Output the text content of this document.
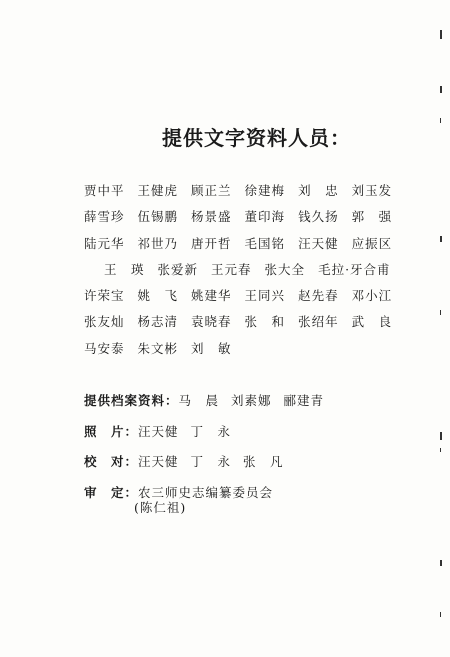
提供文字资料人员：
贾中平 王健虎 顾正兰 徐建梅 刘　忠 刘玉发
薛雪珍 伍锡鹏 杨景盛 董印海 钱久扬 郭　强
陆元华 祁世乃 唐开哲 毛国铭 汪天健 应振区
王　瑛 张爱新 王元春 张大全 毛拉·牙合甫
许荣宝 姚　飞 姚建华 王同兴 赵先春 邓小江
张友灿 杨志清 袁晓春 张　和 张绍年 武　良
马安泰 朱文彬 刘　敏
提供档案资料：马　晨 刘素娜 郦建青
照　片：汪天健 丁　永
校　对：汪天健 丁　永 张　凡
审　定：农三师史志编纂委员会
(陈仁祖)
